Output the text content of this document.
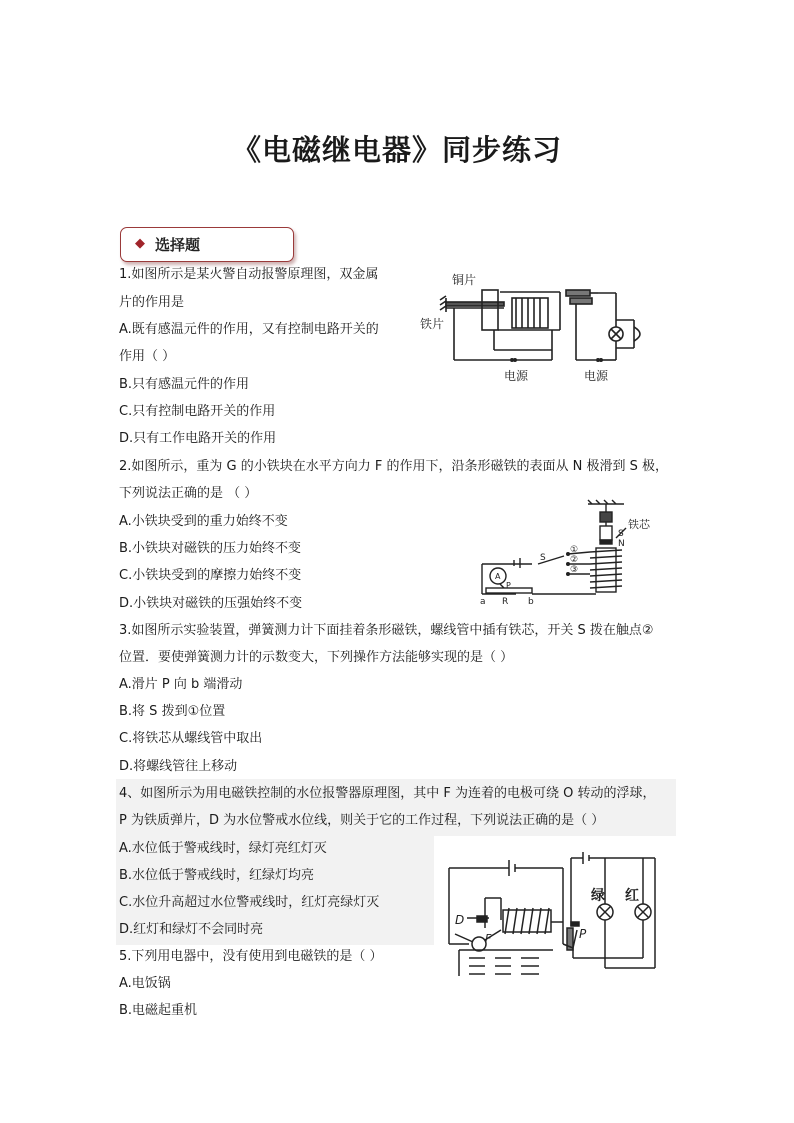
《电磁继电器》同步练习
◆ 选择题
1.如图所示是某火警自动报警原理图，双金属
片的作用是
A.既有感温元件的作用，又有控制电路开关的
作用（ ）
B.只有感温元件的作用
C.只有控制电路开关的作用
D.只有工作电路开关的作用
铜片
铁片
电源	电源
2.如图所示，重为 G 的小铁块在水平方向力 F 的作用下，沿条形磁铁的表面从 N 极滑到 S 极，
下列说法正确的是 （ ）
A.小铁块受到的重力始终不变
B.小铁块对磁铁的压力始终不变
C.小铁块受到的摩擦力始终不变
D.小铁块对磁铁的压强始终不变
S
N
铁芯
S
①
②
③
A
P
a R b
3.如图所示实验装置，弹簧测力计下面挂着条形磁铁，螺线管中插有铁芯，开关 S 拨在触点②
位置．要使弹簧测力计的示数变大，下列操作方法能够实现的是（ ）
A.滑片 P 向 b 端滑动
B.将 S 拨到①位置
C.将铁芯从螺线管中取出
D.将螺线管往上移动
4、如图所示为用电磁铁控制的水位报警器原理图，其中 F 为连着的电极可绕 O 转动的浮球，
P 为铁质弹片，D 为水位警戒水位线，则关于它的工作过程，下列说法正确的是（ ）
A.水位低于警戒线时，绿灯亮红灯灭
B.水位低于警戒线时，红绿灯均亮
C.水位升高超过水位警戒线时，红灯亮绿灯灭
D.红灯和绿灯不会同时亮
绿 红
D
F	P
5.下列用电器中，没有使用到电磁铁的是（ ）
A.电饭锅
B.电磁起重机
